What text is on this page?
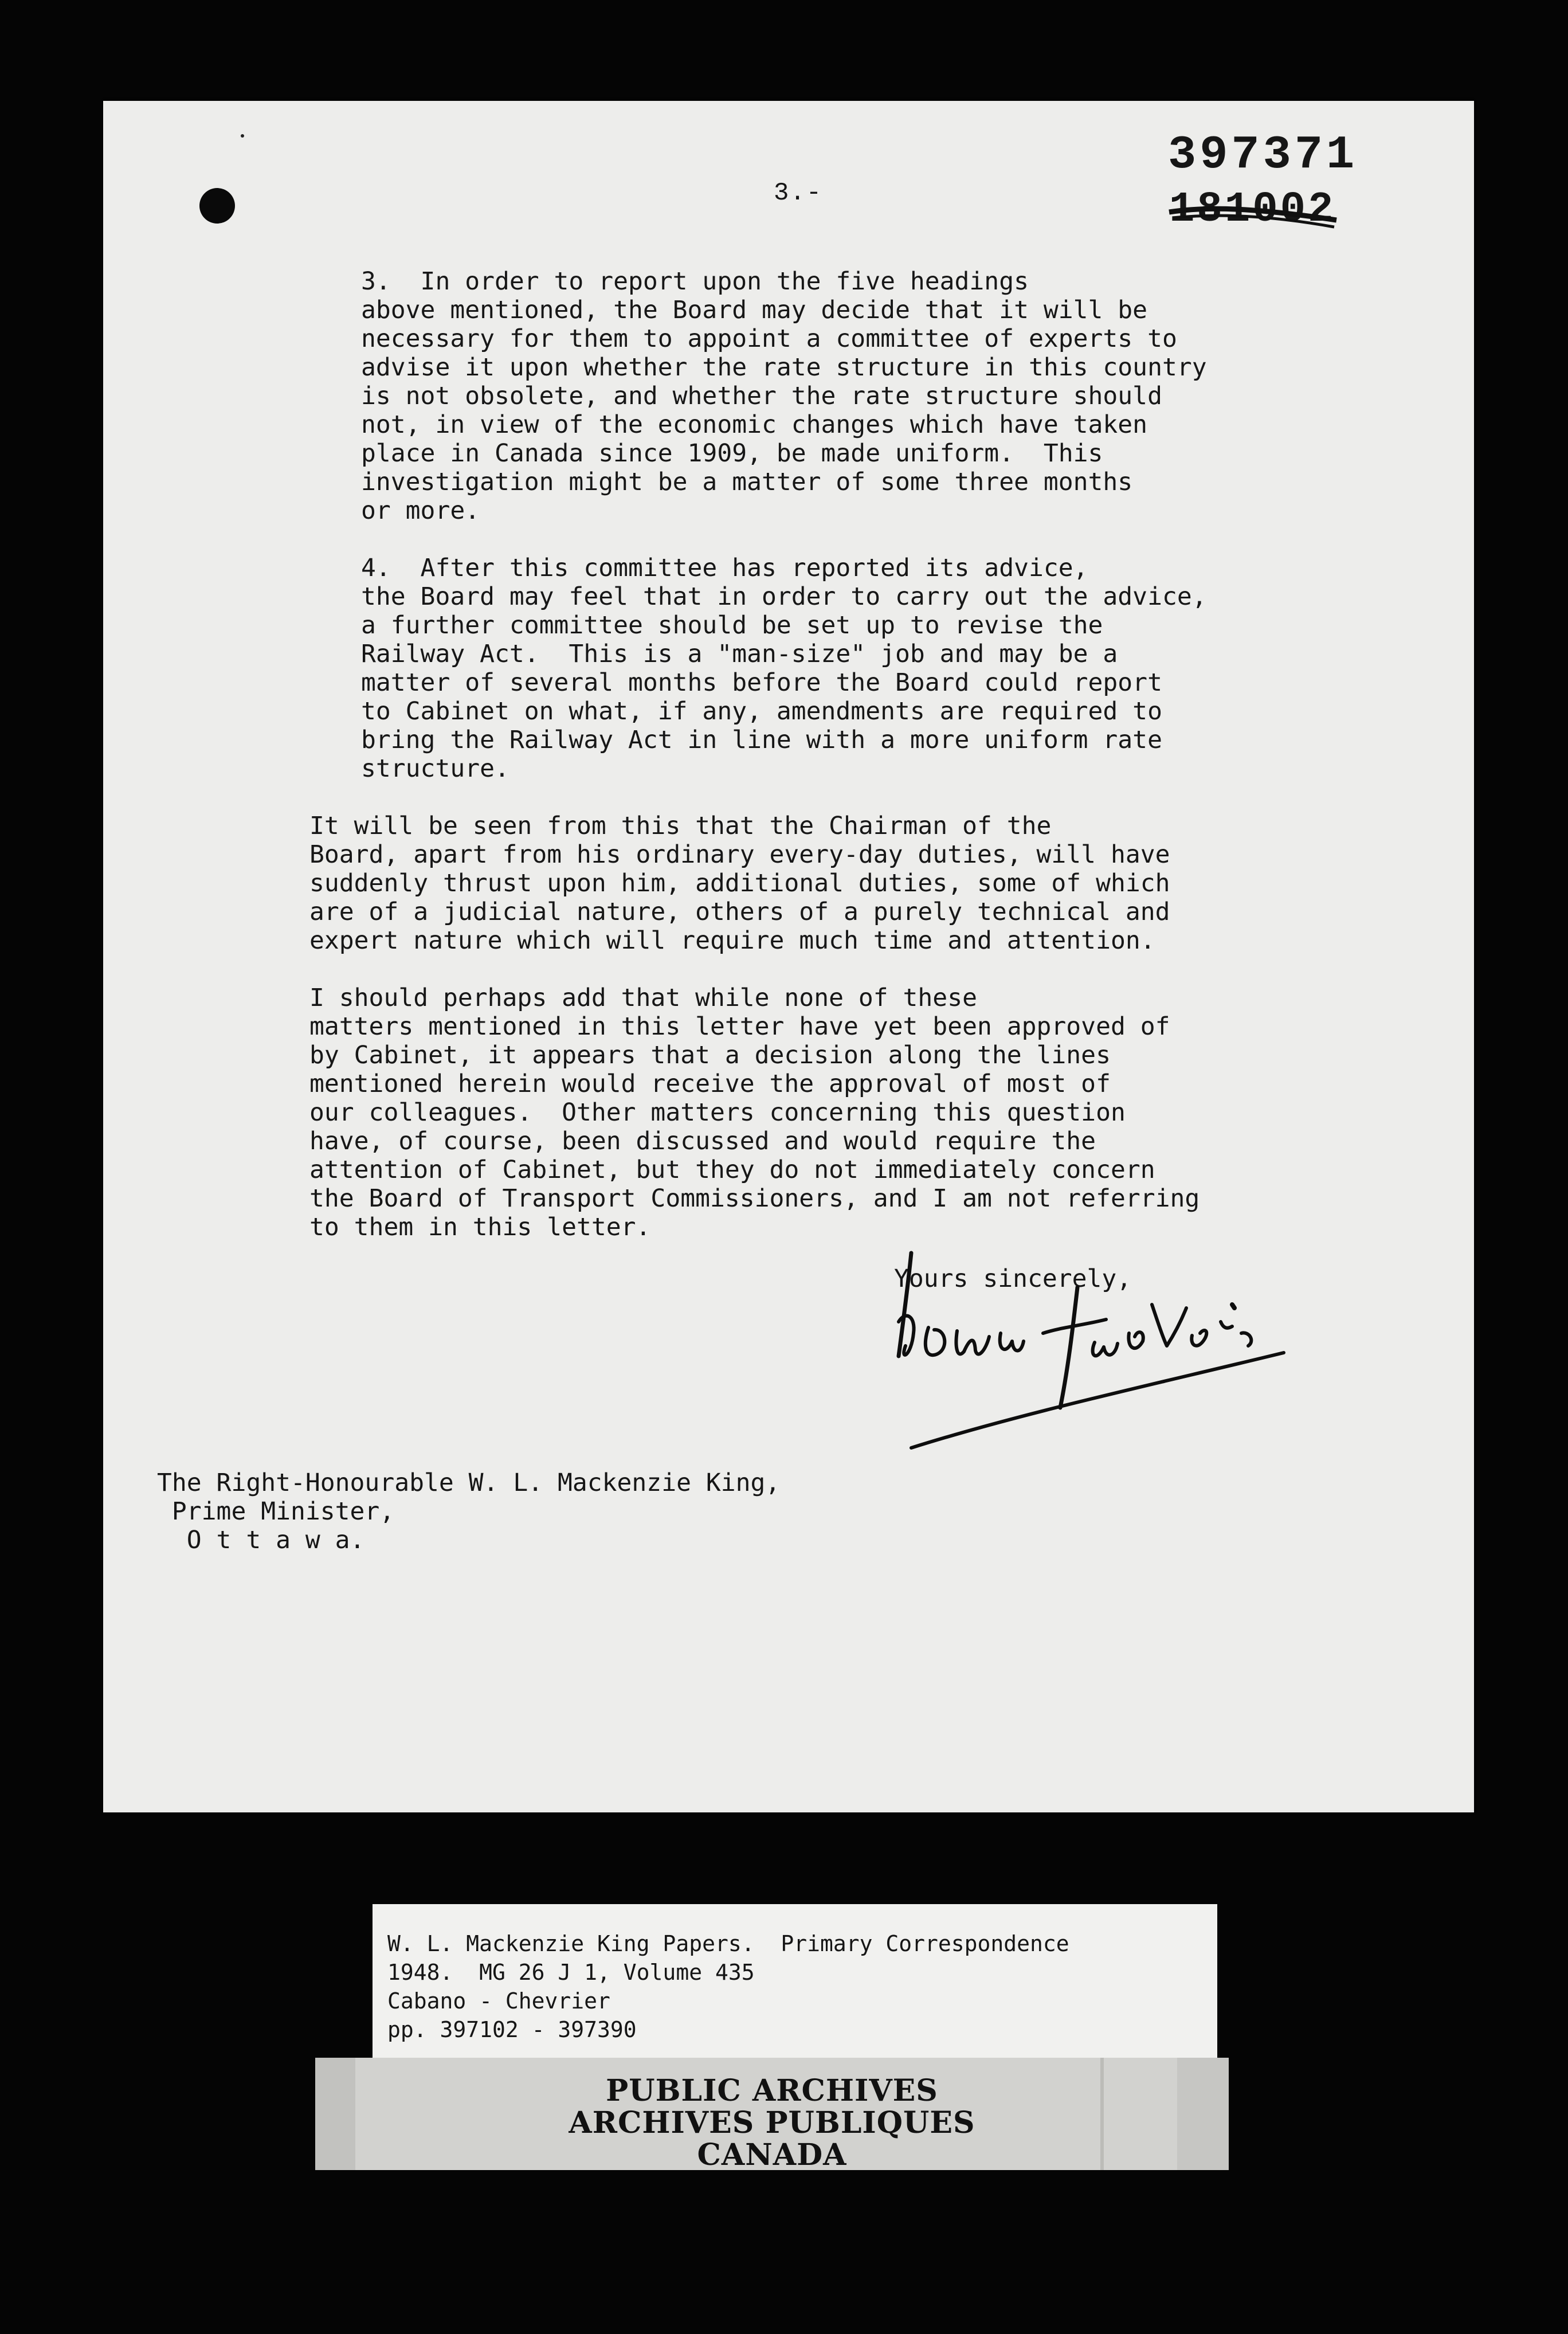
3.-
397371
181002
3.  In order to report upon the five headings
above mentioned, the Board may decide that it will be
necessary for them to appoint a committee of experts to
advise it upon whether the rate structure in this country
is not obsolete, and whether the rate structure should
not, in view of the economic changes which have taken
place in Canada since 1909, be made uniform.  This
investigation might be a matter of some three months
or more.
4.  After this committee has reported its advice,
the Board may feel that in order to carry out the advice,
a further committee should be set up to revise the
Railway Act.  This is a "man-size" job and may be a
matter of several months before the Board could report
to Cabinet on what, if any, amendments are required to
bring the Railway Act in line with a more uniform rate
structure.
It will be seen from this that the Chairman of the
Board, apart from his ordinary every-day duties, will have
suddenly thrust upon him, additional duties, some of which
are of a judicial nature, others of a purely technical and
expert nature which will require much time and attention.
I should perhaps add that while none of these
matters mentioned in this letter have yet been approved of
by Cabinet, it appears that a decision along the lines
mentioned herein would receive the approval of most of
our colleagues.  Other matters concerning this question
have, of course, been discussed and would require the
attention of Cabinet, but they do not immediately concern
the Board of Transport Commissioners, and I am not referring
to them in this letter.
Yours sincerely,
The Right-Honourable W. L. Mackenzie King,
Prime Minister,
O t t a w a.
W. L. Mackenzie King Papers.  Primary Correspondence
1948.  MG 26 J 1, Volume 435
Cabano - Chevrier
pp. 397102 - 397390
PUBLIC ARCHIVES
ARCHIVES PUBLIQUES
CANADA
